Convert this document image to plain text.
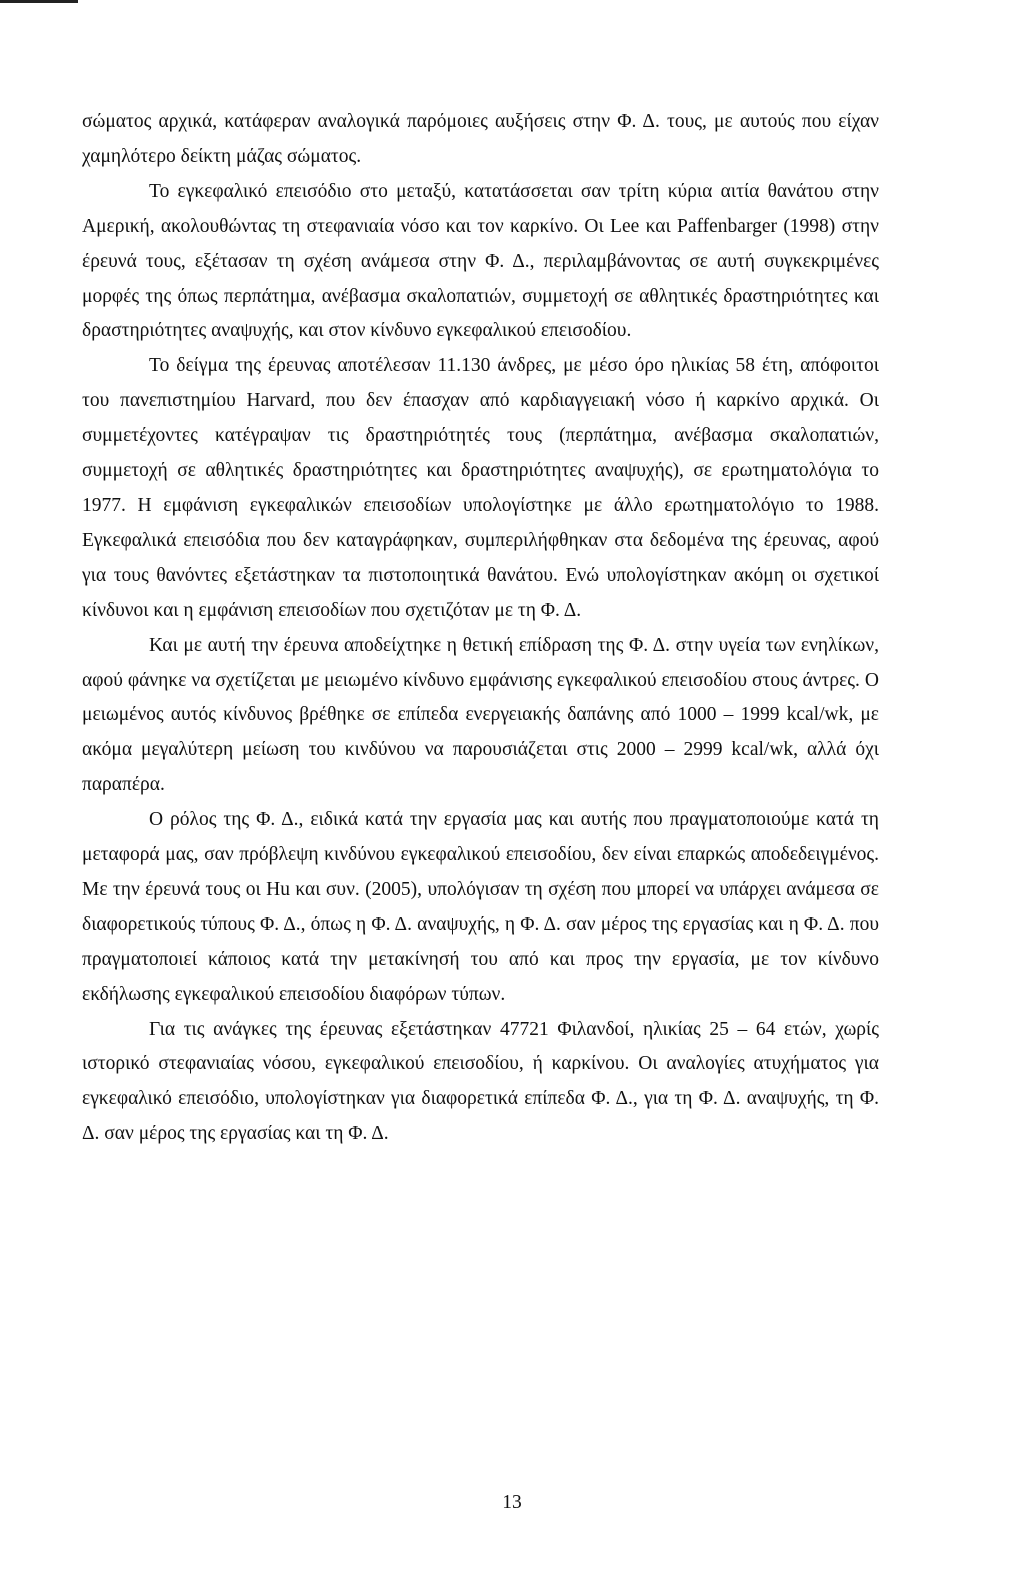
σώματος αρχικά, κατάφεραν αναλογικά παρόμοιες αυξήσεις στην Φ. Δ. τους, με αυτούς που είχαν χαμηλότερο δείκτη μάζας σώματος.

Το εγκεφαλικό επεισόδιο στο μεταξύ, κατατάσσεται σαν τρίτη κύρια αιτία θανάτου στην Αμερική, ακολουθώντας τη στεφανιαία νόσο και τον καρκίνο. Οι Lee και Paffenbarger (1998) στην έρευνά τους, εξέτασαν τη σχέση ανάμεσα στην Φ. Δ., περιλαμβάνοντας σε αυτή συγκεκριμένες μορφές της όπως περπάτημα, ανέβασμα σκαλοπατιών, συμμετοχή σε αθλητικές δραστηριότητες και δραστηριότητες αναψυχής, και στον κίνδυνο εγκεφαλικού επεισοδίου.

Το δείγμα της έρευνας αποτέλεσαν 11.130 άνδρες, με μέσο όρο ηλικίας 58 έτη, απόφοιτοι του πανεπιστημίου Harvard, που δεν έπασχαν από καρδιαγγειακή νόσο ή καρκίνο αρχικά. Οι συμμετέχοντες κατέγραψαν τις δραστηριότητές τους (περπάτημα, ανέβασμα σκαλοπατιών, συμμετοχή σε αθλητικές δραστηριότητες και δραστηριότητες αναψυχής), σε ερωτηματολόγια το 1977. Η εμφάνιση εγκεφαλικών επεισοδίων υπολογίστηκε με άλλο ερωτηματολόγιο το 1988. Εγκεφαλικά επεισόδια που δεν καταγράφηκαν, συμπεριλήφθηκαν στα δεδομένα της έρευνας, αφού για τους θανόντες εξετάστηκαν τα πιστοποιητικά θανάτου. Ενώ υπολογίστηκαν ακόμη οι σχετικοί κίνδυνοι και η εμφάνιση επεισοδίων που σχετιζόταν με τη Φ. Δ.

Και με αυτή την έρευνα αποδείχτηκε η θετική επίδραση της Φ. Δ. στην υγεία των ενηλίκων, αφού φάνηκε να σχετίζεται με μειωμένο κίνδυνο εμφάνισης εγκεφαλικού επεισοδίου στους άντρες. Ο μειωμένος αυτός κίνδυνος βρέθηκε σε επίπεδα ενεργειακής δαπάνης από 1000 – 1999 kcal/wk, με ακόμα μεγαλύτερη μείωση του κινδύνου να παρουσιάζεται στις 2000 – 2999 kcal/wk, αλλά όχι παραπέρα.

Ο ρόλος της Φ. Δ., ειδικά κατά την εργασία μας και αυτής που πραγματοποιούμε κατά τη μεταφορά μας, σαν πρόβλεψη κινδύνου εγκεφαλικού επεισοδίου, δεν είναι επαρκώς αποδεδειγμένος. Με την έρευνά τους οι Hu και συν. (2005), υπολόγισαν τη σχέση που μπορεί να υπάρχει ανάμεσα σε διαφορετικούς τύπους Φ. Δ., όπως η Φ. Δ. αναψυχής, η Φ. Δ. σαν μέρος της εργασίας και η Φ. Δ. που πραγματοποιεί κάποιος κατά την μετακίνησή του από και προς την εργασία, με τον κίνδυνο εκδήλωσης εγκεφαλικού επεισοδίου διαφόρων τύπων.

Για τις ανάγκες της έρευνας εξετάστηκαν 47721 Φιλανδοί, ηλικίας 25 – 64 ετών, χωρίς ιστορικό στεφανιαίας νόσου, εγκεφαλικού επεισοδίου, ή καρκίνου. Οι αναλογίες ατυχήματος για εγκεφαλικό επεισόδιο, υπολογίστηκαν για διαφορετικά επίπεδα Φ. Δ., για τη Φ. Δ. αναψυχής, τη Φ. Δ. σαν μέρος της εργασίας και τη Φ. Δ.

13
